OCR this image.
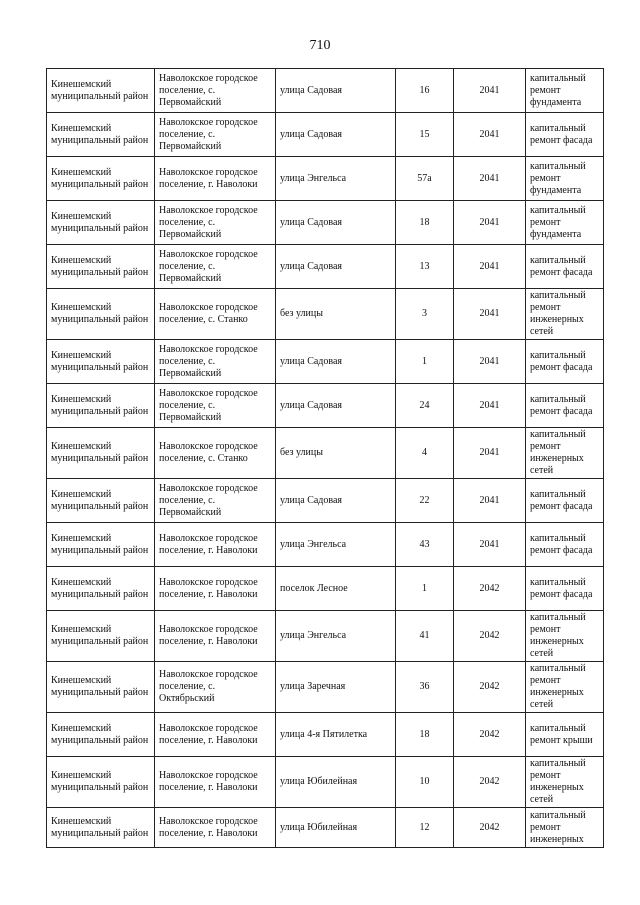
710
Кинешемский муниципальный район	Наволокское городское поселение, с. Первомайский	улица Садовая	16	2041	капитальный ремонт фундамента
Кинешемский муниципальный район	Наволокское городское поселение, с. Первомайский	улица Садовая	15	2041	капитальный ремонт фасада
Кинешемский муниципальный район	Наволокское городское поселение, г. Наволоки	улица Энгельса	57а	2041	капитальный ремонт фундамента
Кинешемский муниципальный район	Наволокское городское поселение, с. Первомайский	улица Садовая	18	2041	капитальный ремонт фундамента
Кинешемский муниципальный район	Наволокское городское поселение, с. Первомайский	улица Садовая	13	2041	капитальный ремонт фасада
Кинешемский муниципальный район	Наволокское городское поселение, с. Станко	без улицы	3	2041	капитальный ремонт инженерных сетей
Кинешемский муниципальный район	Наволокское городское поселение, с. Первомайский	улица Садовая	1	2041	капитальный ремонт фасада
Кинешемский муниципальный район	Наволокское городское поселение, с. Первомайский	улица Садовая	24	2041	капитальный ремонт фасада
Кинешемский муниципальный район	Наволокское городское поселение, с. Станко	без улицы	4	2041	капитальный ремонт инженерных сетей
Кинешемский муниципальный район	Наволокское городское поселение, с. Первомайский	улица Садовая	22	2041	капитальный ремонт фасада
Кинешемский муниципальный район	Наволокское городское поселение, г. Наволоки	улица Энгельса	43	2041	капитальный ремонт фасада
Кинешемский муниципальный район	Наволокское городское поселение, г. Наволоки	поселок Лесное	1	2042	капитальный ремонт фасада
Кинешемский муниципальный район	Наволокское городское поселение, г. Наволоки	улица Энгельса	41	2042	капитальный ремонт инженерных сетей
Кинешемский муниципальный район	Наволокское городское поселение, с. Октябрьский	улица Заречная	36	2042	капитальный ремонт инженерных сетей
Кинешемский муниципальный район	Наволокское городское поселение, г. Наволоки	улица 4-я Пятилетка	18	2042	капитальный ремонт крыши
Кинешемский муниципальный район	Наволокское городское поселение, г. Наволоки	улица Юбилейная	10	2042	капитальный ремонт инженерных сетей
Кинешемский муниципальный район	Наволокское городское поселение, г. Наволоки	улица Юбилейная	12	2042	капитальный ремонт инженерных
